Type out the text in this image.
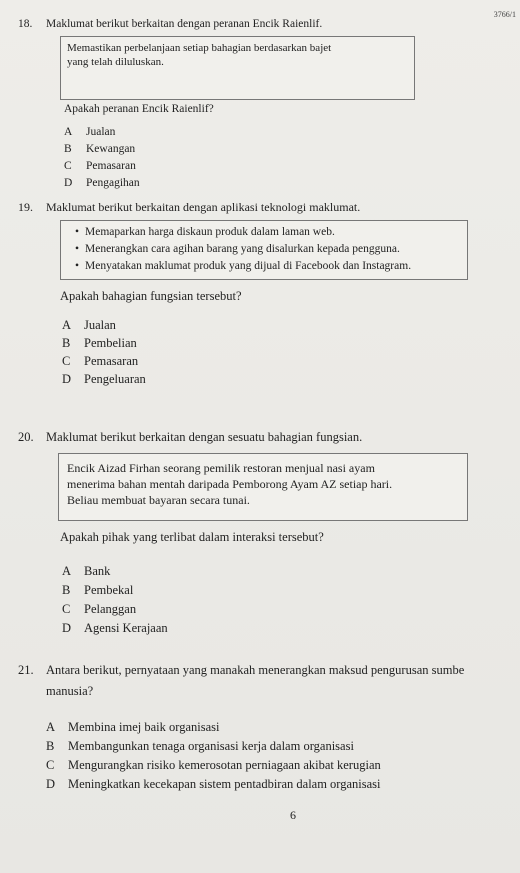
3766/1
18. Maklumat berikut berkaitan dengan peranan Encik Raienlif.
Memastikan perbelanjaan setiap bahagian berdasarkan bajet
yang telah diluluskan.
Apakah peranan Encik Raienlif?
A Jualan
B Kewangan
C Pemasaran
D Pengagihan
19. Maklumat berikut berkaitan dengan aplikasi teknologi maklumat.
• Memaparkan harga diskaun produk dalam laman web.
• Menerangkan cara agihan barang yang disalurkan kepada pengguna.
• Menyatakan maklumat produk yang dijual di Facebook dan Instagram.
Apakah bahagian fungsian tersebut?
A Jualan
B Pembelian
C Pemasaran
D Pengeluaran
20. Maklumat berikut berkaitan dengan sesuatu bahagian fungsian.
Encik Aizad Firhan seorang pemilik restoran menjual nasi ayam
menerima bahan mentah daripada Pemborong Ayam AZ setiap hari.
Beliau membuat bayaran secara tunai.
Apakah pihak yang terlibat dalam interaksi tersebut?
A Bank
B Pembekal
C Pelanggan
D Agensi Kerajaan
21. Antara berikut, pernyataan yang manakah menerangkan maksud pengurusan sumbe
manusia?
A Membina imej baik organisasi
B Membangunkan tenaga organisasi kerja dalam organisasi
C Mengurangkan risiko kemerosotan perniagaan akibat kerugian
D Meningkatkan kecekapan sistem pentadbiran dalam organisasi
6
